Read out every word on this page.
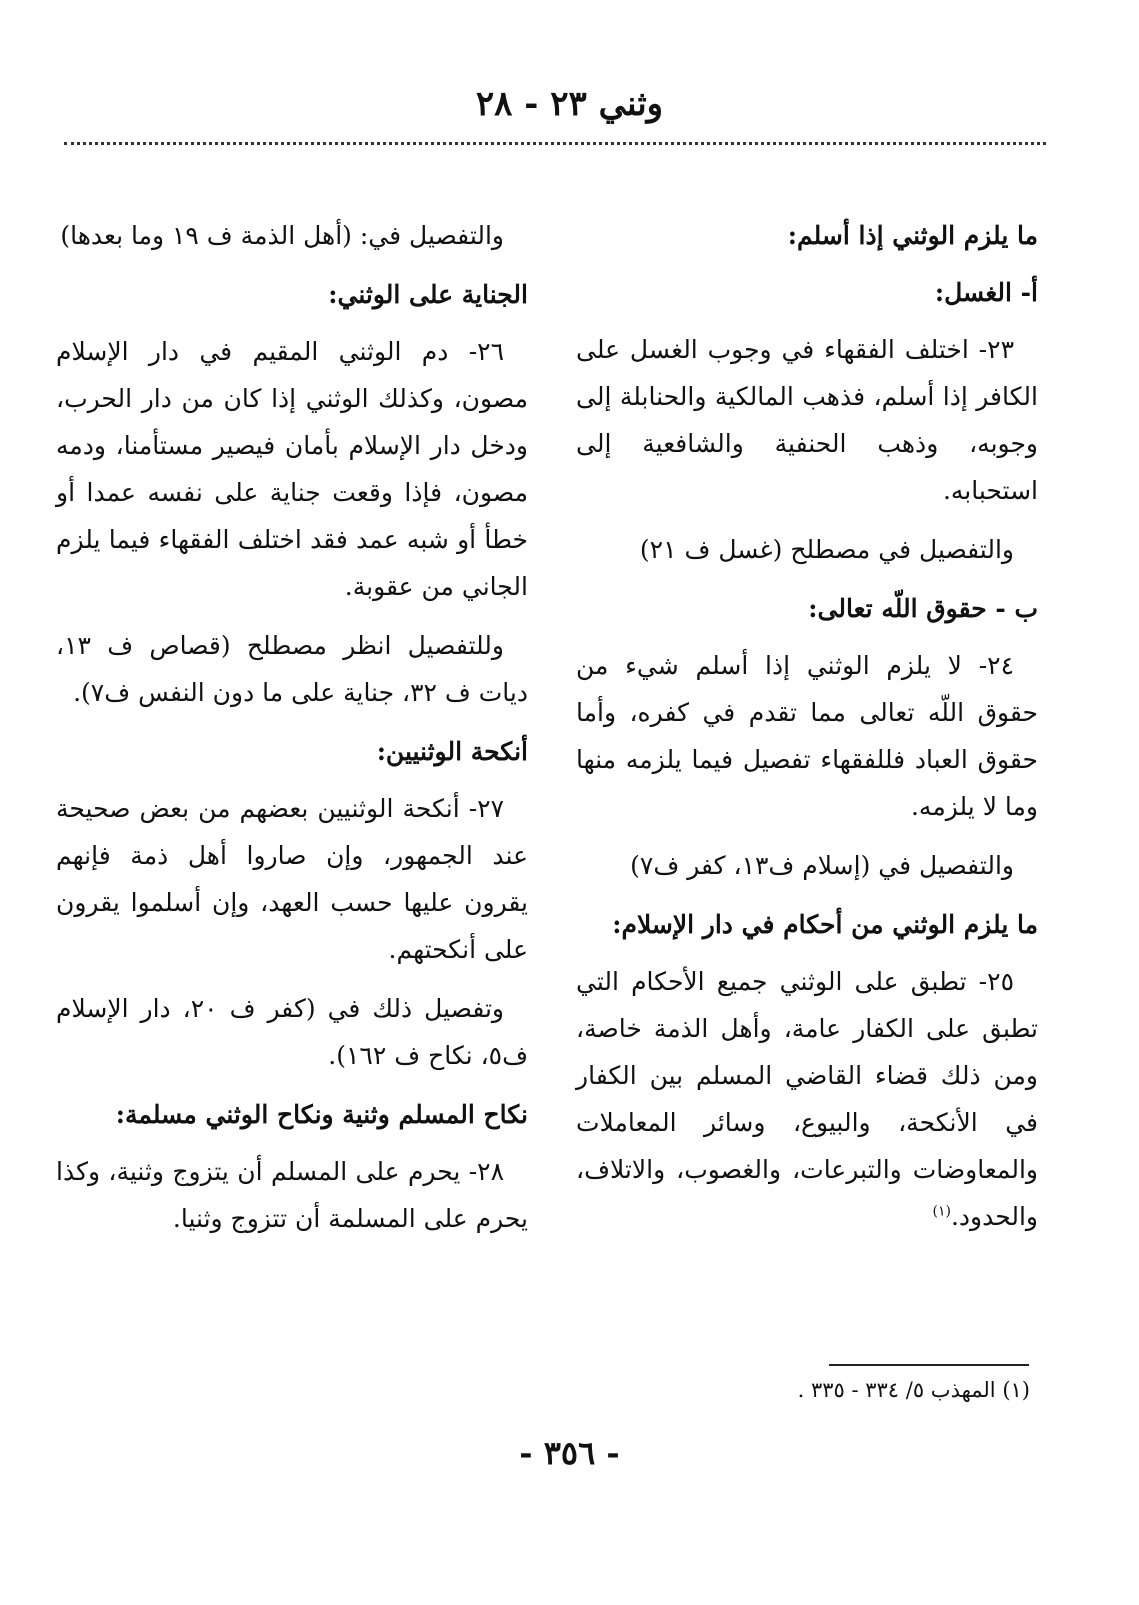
وثني ٢٣ - ٢٨
ما يلزم الوثني إذا أسلم:
أ- الغسل:

٢٣- اختلف الفقهاء في وجوب الغسل على الكافر إذا أسلم، فذهب المالكية والحنابلة إلى وجوبه، وذهب الحنفية والشافعية إلى استحبابه.

والتفصيل في مصطلح (غسل ف ٢١)

ب - حقوق اللّه تعالى:

٢٤- لا يلزم الوثني إذا أسلم شيء من حقوق اللّه تعالى مما تقدم في كفره، وأما حقوق العباد فللفقهاء تفصيل فيما يلزمه منها وما لا يلزمه.

والتفصيل في (إسلام ف١٣، كفر ف٧)

ما يلزم الوثني من أحكام في دار الإسلام:

٢٥- تطبق على الوثني جميع الأحكام التي تطبق على الكفار عامة، وأهل الذمة خاصة، ومن ذلك قضاء القاضي المسلم بين الكفار في الأنكحة، والبيوع، وسائر المعاملات والمعاوضات والتبرعات، والغصوب، والاتلاف، والحدود.$^{(١)}$

والتفصيل في: (أهل الذمة ف ١٩ وما بعدها)

الجناية على الوثني:

٢٦- دم الوثني المقيم في دار الإسلام مصون، وكذلك الوثني إذا كان من دار الحرب، ودخل دار الإسلام بأمان فيصير مستأمنا، ودمه مصون، فإذا وقعت جناية على نفسه عمدا أو خطأ أو شبه عمد فقد اختلف الفقهاء فيما يلزم الجاني من عقوبة.

وللتفصيل انظر مصطلح (قصاص ف ١٣، ديات ف ٣٢، جناية على ما دون النفس ف٧).

أنكحة الوثنيين:

٢٧- أنكحة الوثنيين بعضهم من بعض صحيحة عند الجمهور، وإن صاروا أهل ذمة فإنهم يقرون عليها حسب العهد، وإن أسلموا يقرون على أنكحتهم.

وتفصيل ذلك في (كفر ف ٢٠، دار الإسلام ف٥، نكاح ف ١٦٢).

نكاح المسلم وثنية ونكاح الوثني مسلمة:

٢٨- يحرم على المسلم أن يتزوج وثنية، وكذا يحرم على المسلمة أن تتزوج وثنيا.

(١) المهذب ٥/ ٣٣٤ - ٣٣٥ .
- ٣٥٦ -
